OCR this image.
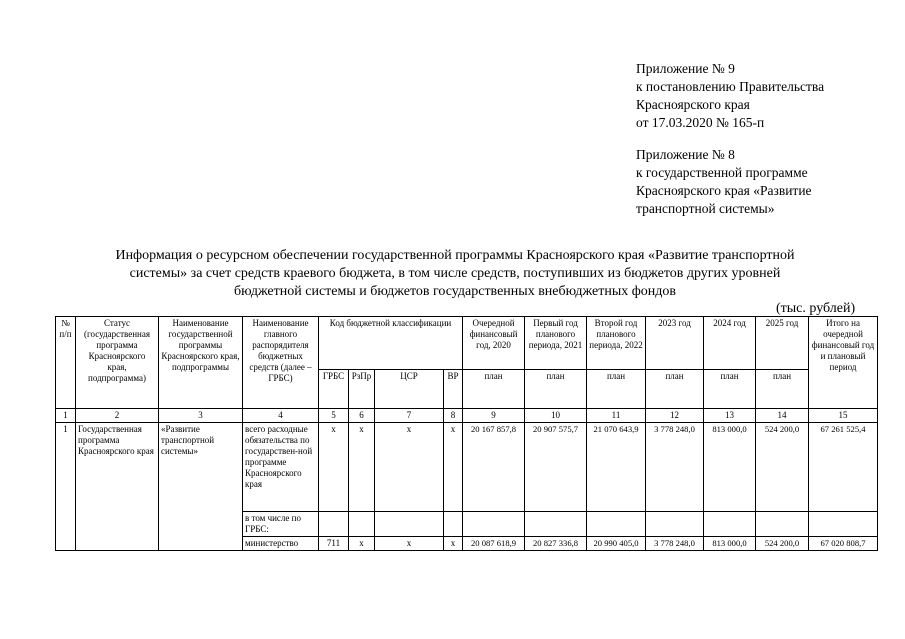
Приложение № 9
к постановлению Правительства
Красноярского края
от 17.03.2020 № 165-п
Приложение № 8
к государственной программе
Красноярского края «Развитие
транспортной системы»
Информация о ресурсном обеспечении государственной программы Красноярского края «Развитие транспортной
системы» за счет средств краевого бюджета, в том числе средств, поступивших из бюджетов других уровней
бюджетной системы и бюджетов государственных внебюджетных фондов
(тыс. рублей)
№ п/п	Статус (государственная программа Красноярского края, подпрограмма)	Наименование государственной программы Красноярского края, подпрограммы	Наименование главного распорядителя бюджетных средств (далее – ГРБС)	Код бюджетной классификации				Очередной финансовый год, 2020	Первый год планового периода, 2021	Второй год планового периода, 2022	2023 год	2024 год	2025 год	Итого на очередной финансовый год и плановый период
				ГРБС	РзПр	ЦСР	ВР	план	план	план	план	план	план	
1	2	3	4	5	6	7	8	9	10	11	12	13	14	15
1	Государственная программа Красноярского края	«Развитие транспортной системы»	всего расходные обязательства по государствен-ной программе Красноярского края	х	х	х	х	20 167 857,8	20 907 575,7	21 070 643,9	3 778 248,0	813 000,0	524 200,0	67 261 525,4
			в том числе по ГРБС:											
			министерство	711	х	х	х	20 087 618,9	20 827 336,8	20 990 405,0	3 778 248,0	813 000,0	524 200,0	67 020 808,7
